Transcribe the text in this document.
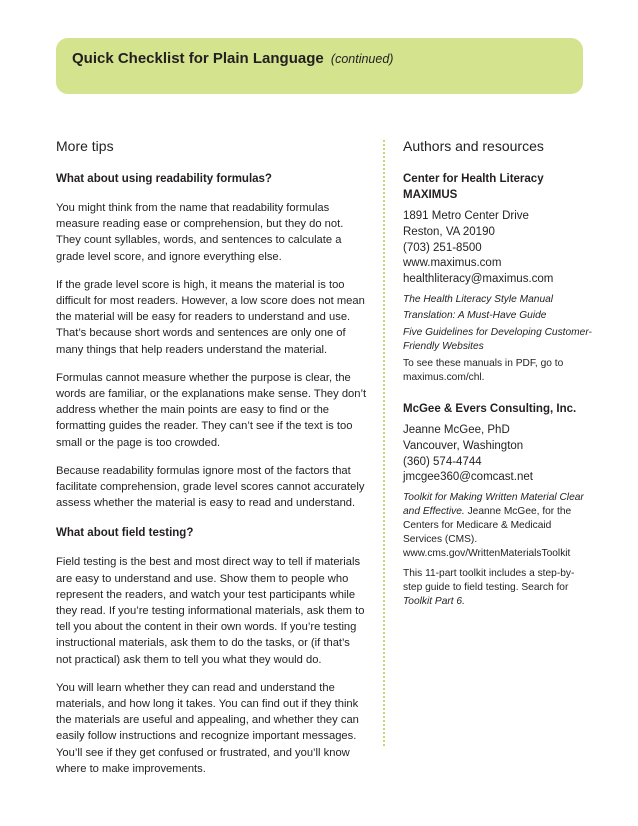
Quick Checklist for Plain Language (continued)
More tips
What about using readability formulas?

You might think from the name that readability formulas measure reading ease or comprehension, but they do not. They count syllables, words, and sentences to calculate a grade level score, and ignore everything else.

If the grade level score is high, it means the material is too difficult for most readers. However, a low score does not mean the material will be easy for readers to understand and use. That’s because short words and sentences are only one of many things that help readers understand the material.

Formulas cannot measure whether the purpose is clear, the words are familiar, or the explanations make sense. They don’t address whether the main points are easy to find or the formatting guides the reader. They can’t see if the text is too small or the page is too crowded.

Because readability formulas ignore most of the factors that facilitate comprehension, grade level scores cannot accurately assess whether the material is easy to read and understand.

What about field testing?

Field testing is the best and most direct way to tell if materials are easy to understand and use. Show them to people who represent the readers, and watch your test participants while they read. If you’re testing informational materials, ask them to tell you about the content in their own words. If you’re testing instructional materials, ask them to do the tasks, or (if that’s not practical) ask them to tell you what they would do.

You will learn whether they can read and understand the materials, and how long it takes. You can find out if they think the materials are useful and appealing, and whether they can easily follow instructions and recognize important messages. You’ll see if they get confused or frustrated, and you’ll know where to make improvements.

Authors and resources
Center for Health Literacy
MAXIMUS
1891 Metro Center Drive
Reston, VA 20190
(703) 251-8500
www.maximus.com
healthliteracy@maximus.com

The Health Literacy Style Manual

Translation: A Must-Have Guide

Five Guidelines for Developing Customer-Friendly Websites

To see these manuals in PDF, go to maximus.com/chl.

McGee & Evers Consulting, Inc.
Jeanne McGee, PhD
Vancouver, Washington
(360) 574-4744
jmcgee360@comcast.net

Toolkit for Making Written Material Clear and Effective. Jeanne McGee, for the Centers for Medicare & Medicaid Services (CMS). www.cms.gov/WrittenMaterialsToolkit

This 11-part toolkit includes a step-by-step guide to field testing. Search for Toolkit Part 6.
